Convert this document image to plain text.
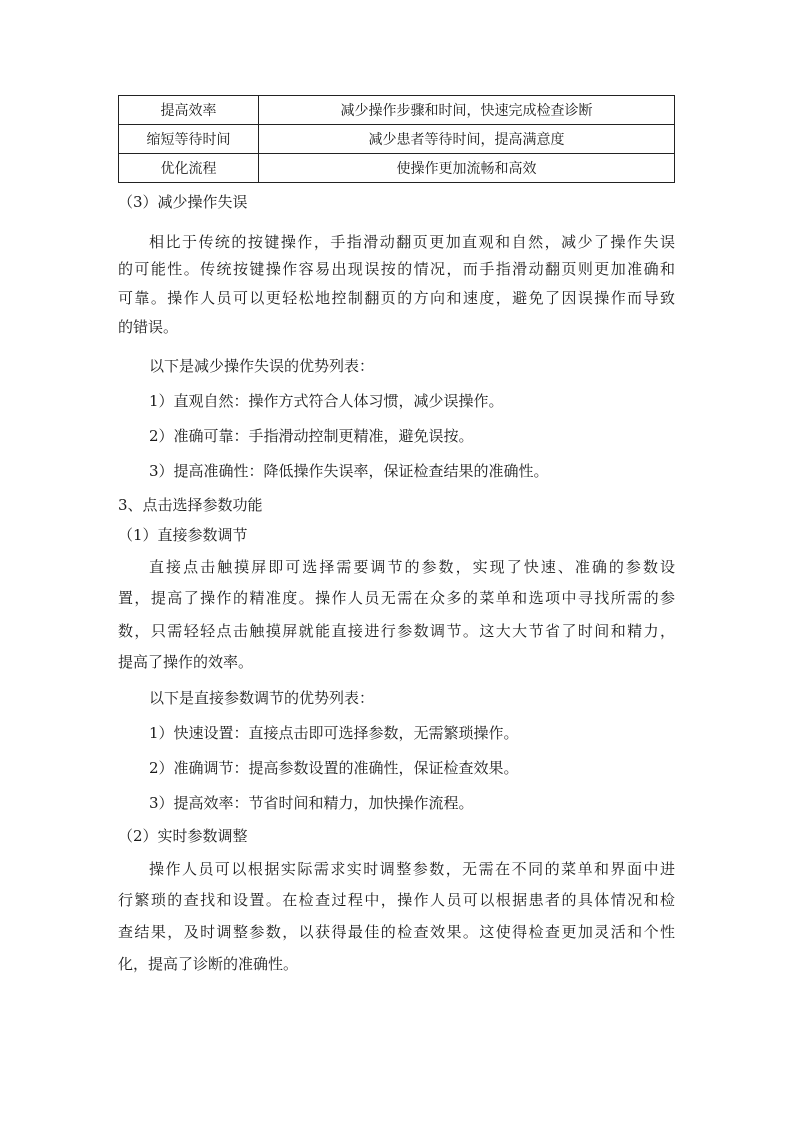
提高效率	减少操作步骤和时间，快速完成检查诊断
缩短等待时间	减少患者等待时间，提高满意度
优化流程	使操作更加流畅和高效
（3）减少操作失误
相比于传统的按键操作，手指滑动翻页更加直观和自然，减少了操作失误
的可能性。传统按键操作容易出现误按的情况，而手指滑动翻页则更加准确和
可靠。操作人员可以更轻松地控制翻页的方向和速度，避免了因误操作而导致
的错误。
以下是减少操作失误的优势列表：
1）直观自然：操作方式符合人体习惯，减少误操作。
2）准确可靠：手指滑动控制更精准，避免误按。
3）提高准确性：降低操作失误率，保证检查结果的准确性。
3、点击选择参数功能
（1）直接参数调节
直接点击触摸屏即可选择需要调节的参数，实现了快速、准确的参数设
置，提高了操作的精准度。操作人员无需在众多的菜单和选项中寻找所需的参
数，只需轻轻点击触摸屏就能直接进行参数调节。这大大节省了时间和精力，
提高了操作的效率。
以下是直接参数调节的优势列表：
1）快速设置：直接点击即可选择参数，无需繁琐操作。
2）准确调节：提高参数设置的准确性，保证检查效果。
3）提高效率：节省时间和精力，加快操作流程。
（2）实时参数调整
操作人员可以根据实际需求实时调整参数，无需在不同的菜单和界面中进
行繁琐的查找和设置。在检查过程中，操作人员可以根据患者的具体情况和检
查结果，及时调整参数，以获得最佳的检查效果。这使得检查更加灵活和个性
化，提高了诊断的准确性。
